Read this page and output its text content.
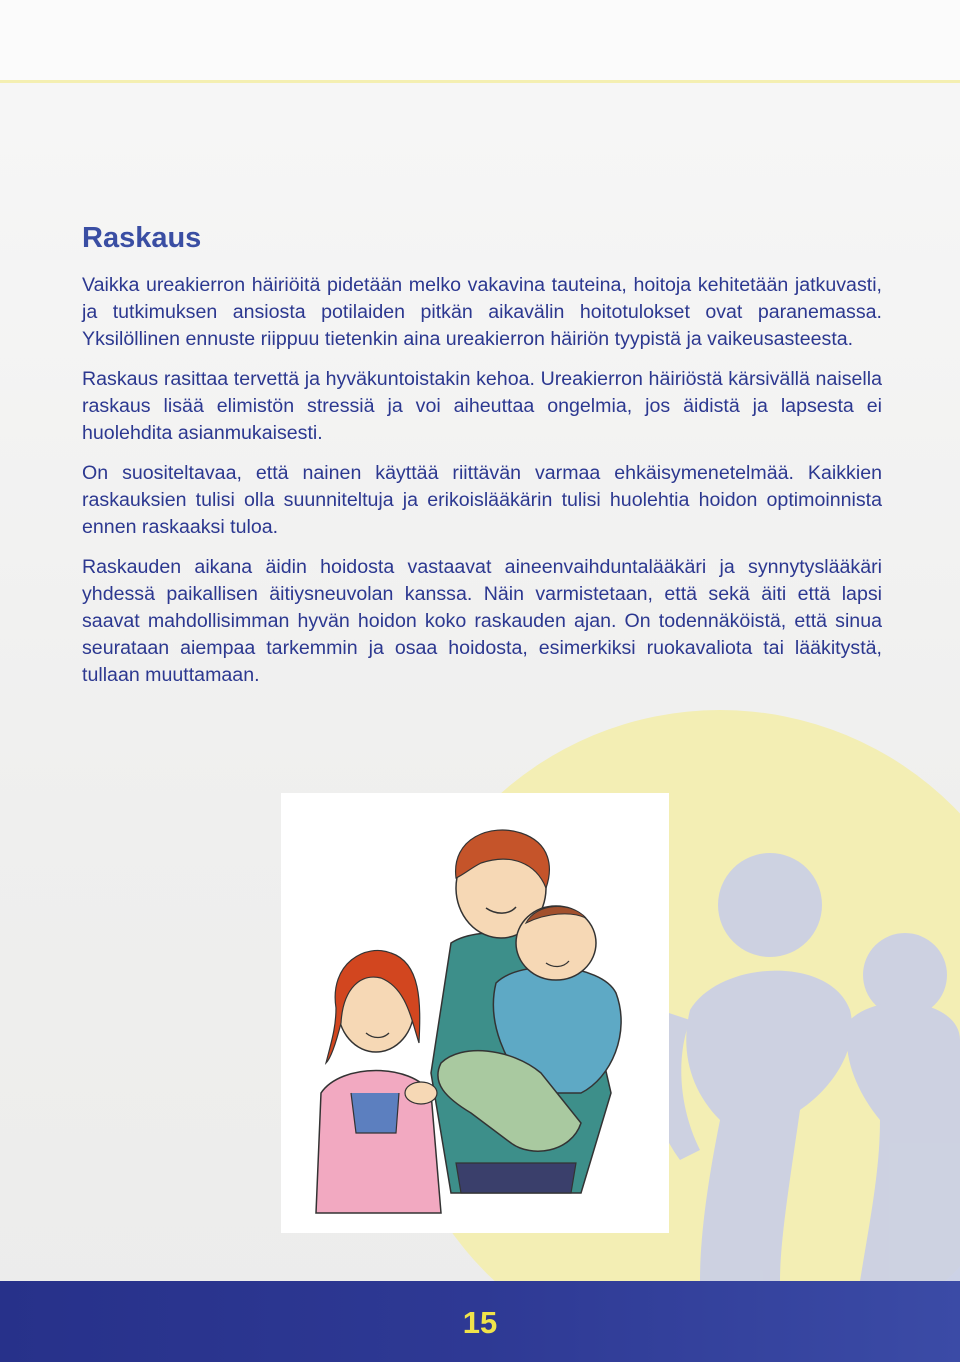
Raskaus

Vaikka ureakierron häiriöitä pidetään melko vakavina tauteina, hoitoja kehitetään jatkuvasti, ja tutkimuksen ansiosta potilaiden pitkän aikavälin hoitotulokset ovat paranemassa. Yksilöllinen ennuste riippuu tietenkin aina ureakierron häiriön tyypistä ja vaikeusasteesta.

Raskaus rasittaa tervettä ja hyväkuntoistakin kehoa. Ureakierron häiriöstä kärsivällä naisella raskaus lisää elimistön stressiä ja voi aiheuttaa ongelmia, jos äidistä ja lapsesta ei huolehdita asianmukaisesti.

On suositeltavaa, että nainen käyttää riittävän varmaa ehkäisymenetelmää. Kaikkien raskauksien tulisi olla suunniteltuja ja erikoislääkärin tulisi huolehtia hoidon optimoinnista ennen raskaaksi tuloa.

Raskauden aikana äidin hoidosta vastaavat aineenvaihduntalääkäri ja synnytyslääkäri yhdessä paikallisen äitiysneuvolan kanssa. Näin varmistetaan, että sekä äiti että lapsi saavat mahdollisimman hyvän hoidon koko raskauden ajan. On todennäköistä, että sinua seurataan aiempaa tarkemmin ja osaa hoidosta, esimerkiksi ruokavaliota tai lääkitystä, tullaan muuttamaan.

15
